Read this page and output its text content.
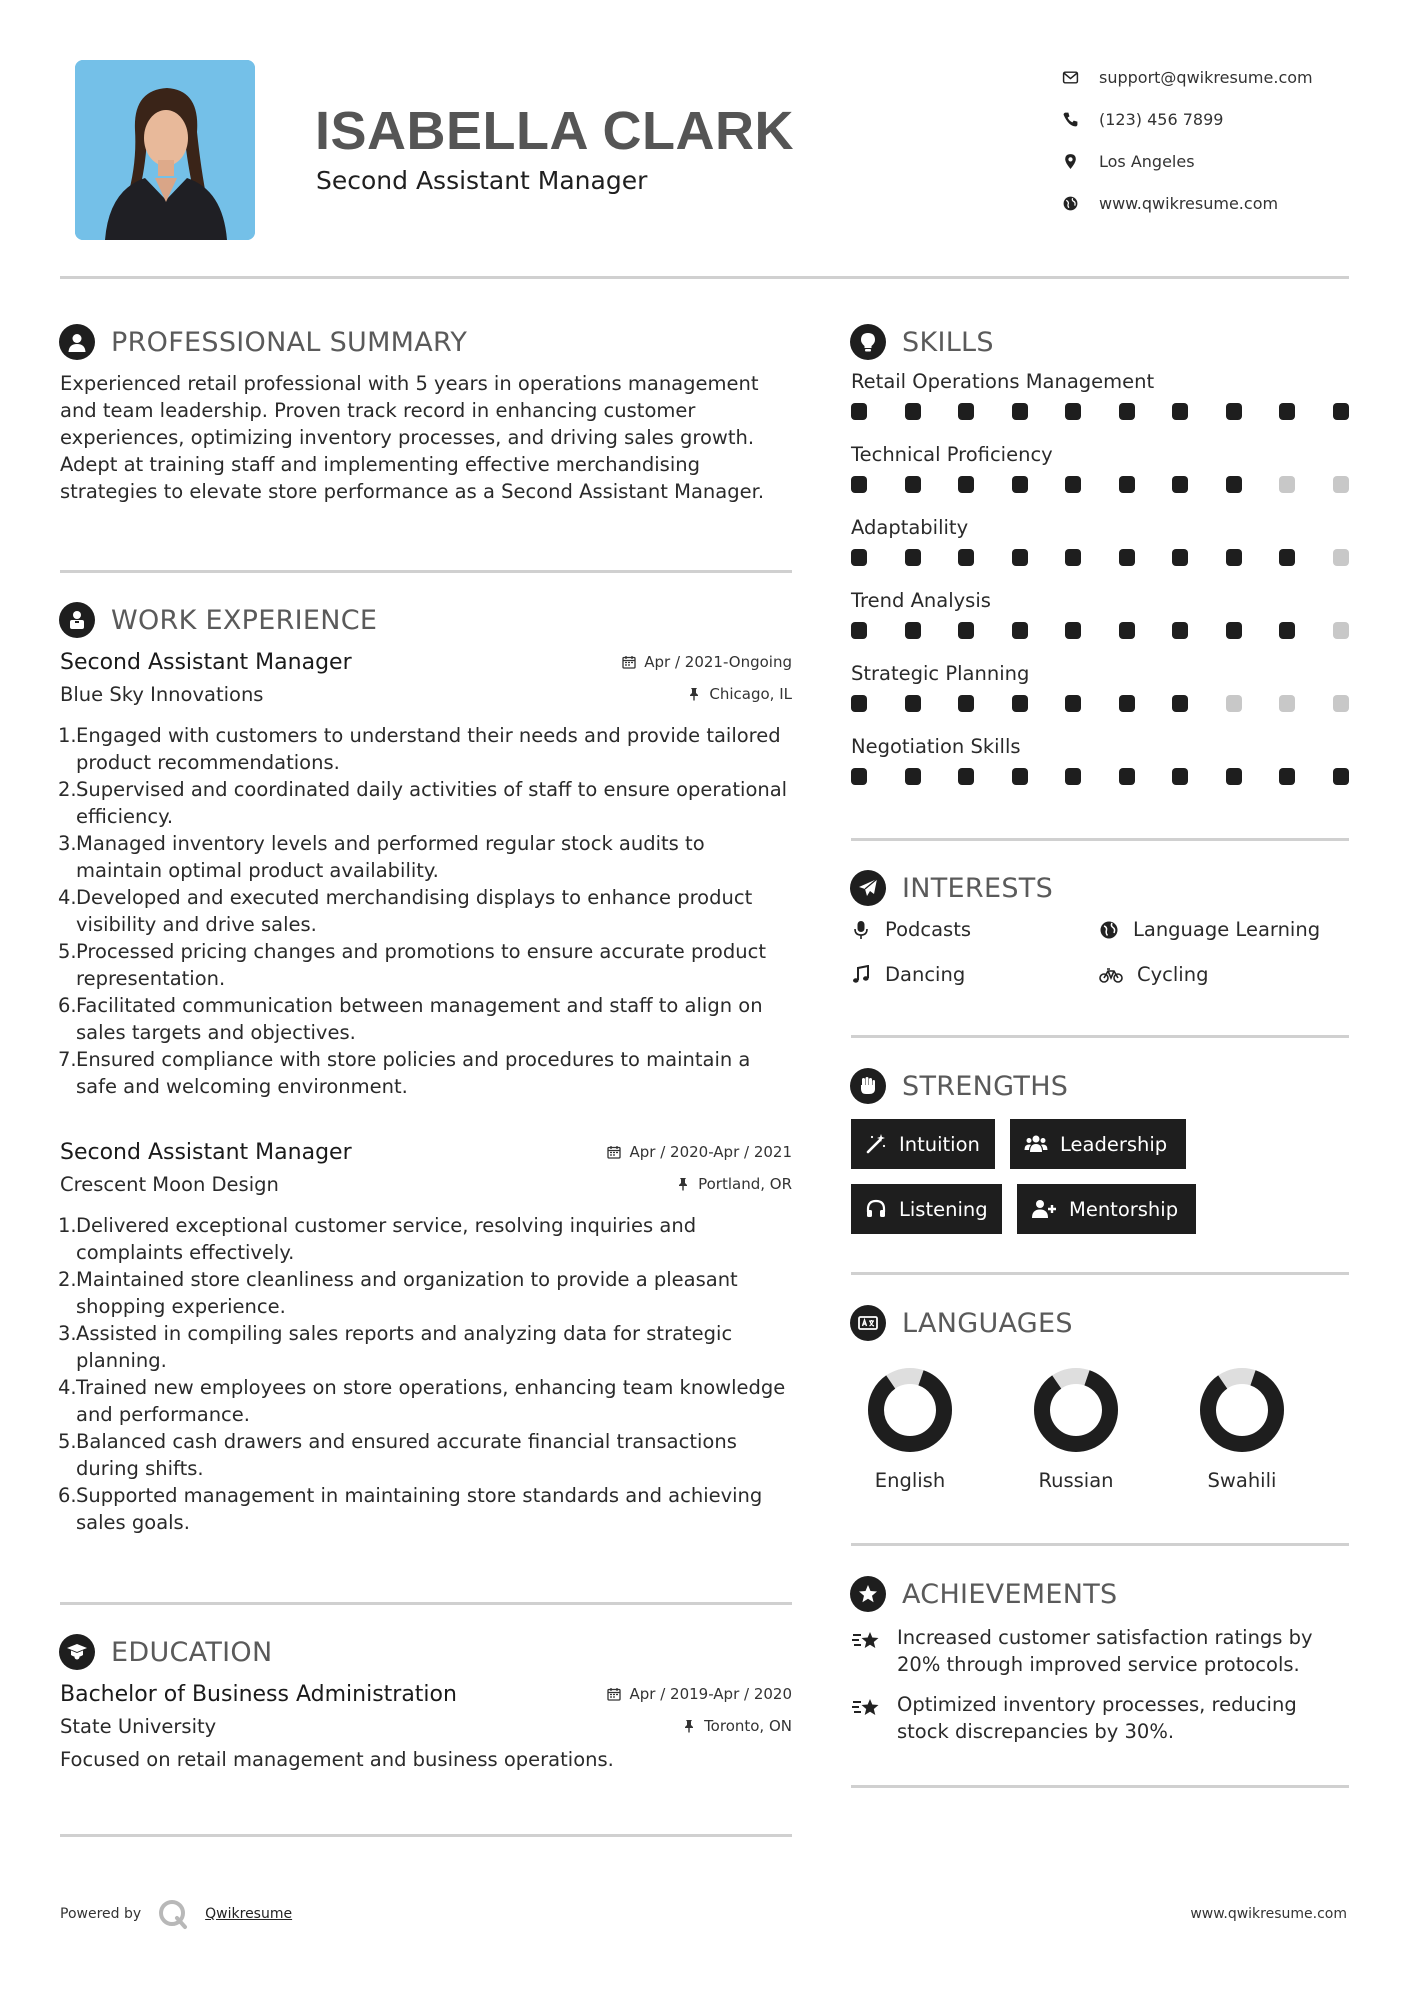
ISABELLA CLARK
Second Assistant Manager
support@qwikresume.com
(123) 456 7899
Los Angeles
www.qwikresume.com
PROFESSIONAL SUMMARY
Experienced retail professional with 5 years in operations management and team leadership. Proven track record in enhancing customer experiences, optimizing inventory processes, and driving sales growth. Adept at training staff and implementing effective merchandising strategies to elevate store performance as a Second Assistant Manager.
WORK EXPERIENCE
Second Assistant Manager	Apr / 2021-Ongoing
Blue Sky Innovations	Chicago, IL
1. Engaged with customers to understand their needs and provide tailored product recommendations.
2. Supervised and coordinated daily activities of staff to ensure operational efficiency.
3. Managed inventory levels and performed regular stock audits to maintain optimal product availability.
4. Developed and executed merchandising displays to enhance product visibility and drive sales.
5. Processed pricing changes and promotions to ensure accurate product representation.
6. Facilitated communication between management and staff to align on sales targets and objectives.
7. Ensured compliance with store policies and procedures to maintain a safe and welcoming environment.
Second Assistant Manager	Apr / 2020-Apr / 2021
Crescent Moon Design	Portland, OR
1. Delivered exceptional customer service, resolving inquiries and complaints effectively.
2. Maintained store cleanliness and organization to provide a pleasant shopping experience.
3. Assisted in compiling sales reports and analyzing data for strategic planning.
4. Trained new employees on store operations, enhancing team knowledge and performance.
5. Balanced cash drawers and ensured accurate financial transactions during shifts.
6. Supported management in maintaining store standards and achieving sales goals.
EDUCATION
Bachelor of Business Administration	Apr / 2019-Apr / 2020
State University	Toronto, ON
Focused on retail management and business operations.
SKILLS
Retail Operations Management
Technical Proficiency
Adaptability
Trend Analysis
Strategic Planning
Negotiation Skills
INTERESTS
Podcasts	Language Learning
Dancing	Cycling
STRENGTHS
Intuition	Leadership
Listening	Mentorship
LANGUAGES
English	Russian	Swahili
ACHIEVEMENTS
Increased customer satisfaction ratings by 20% through improved service protocols.
Optimized inventory processes, reducing stock discrepancies by 30%.
Powered by	Qwikresume	www.qwikresume.com
